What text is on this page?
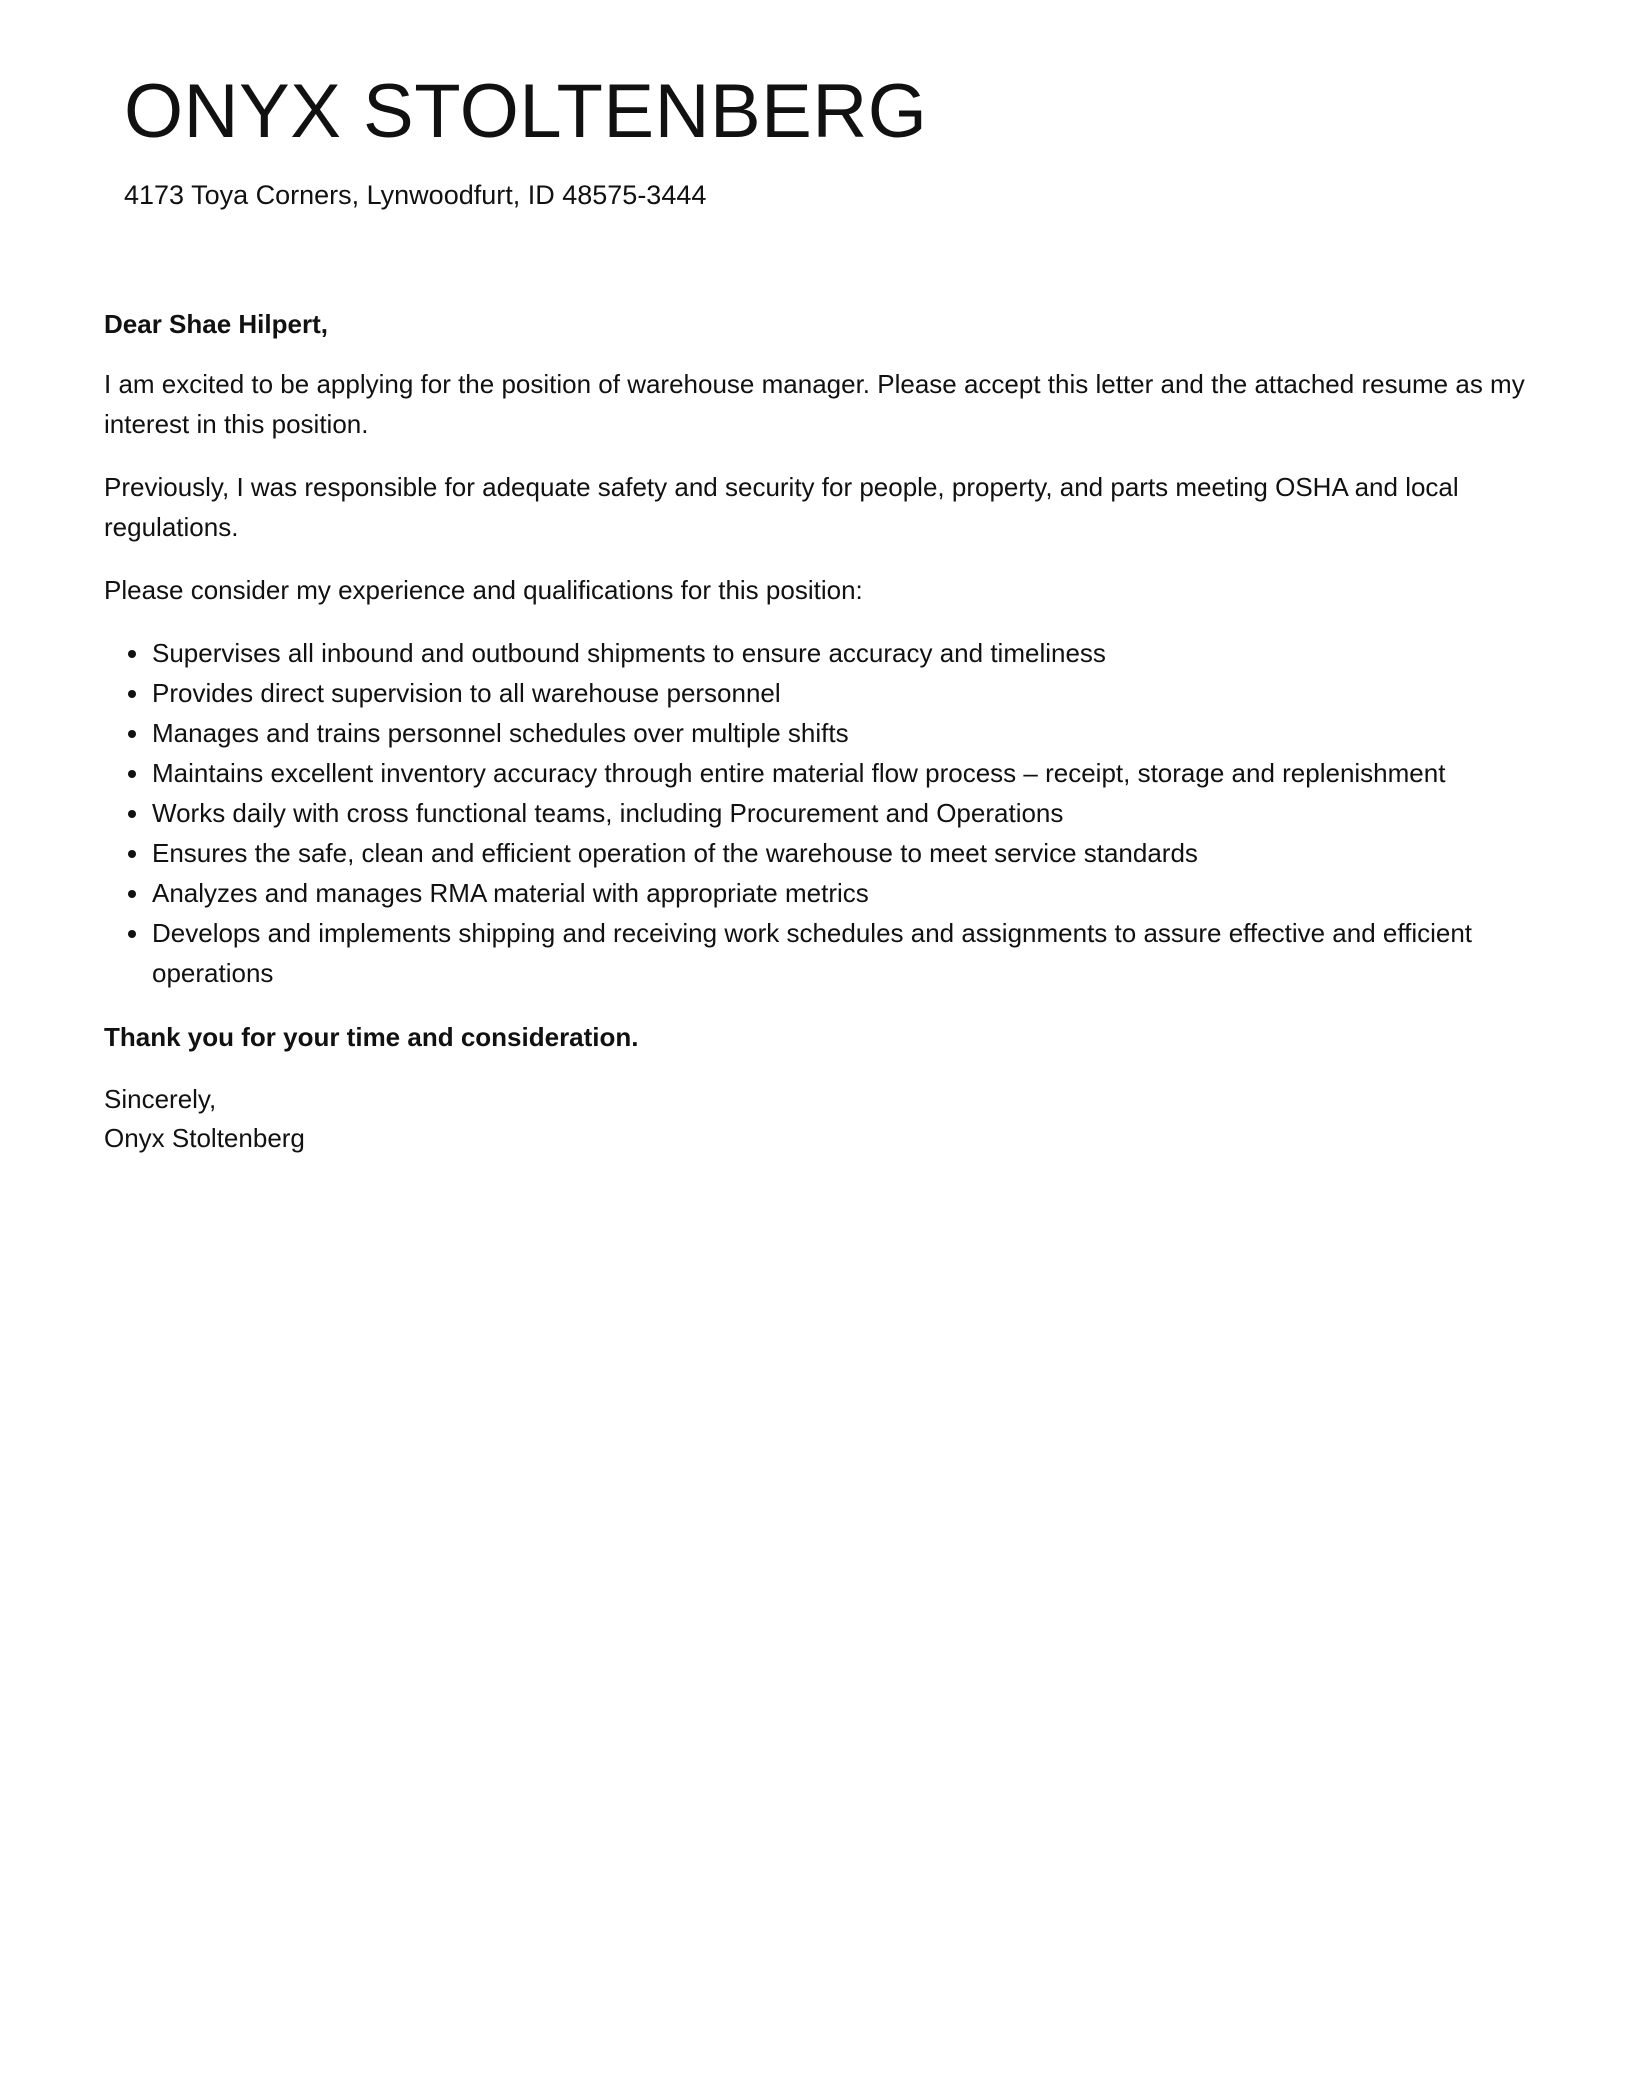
ONYX STOLTENBERG

4173 Toya Corners, Lynwoodfurt, ID 48575-3444

Dear Shae Hilpert,

I am excited to be applying for the position of warehouse manager. Please accept this letter and the attached resume as my interest in this position.

Previously, I was responsible for adequate safety and security for people, property, and parts meeting OSHA and local regulations.

Please consider my experience and qualifications for this position:

Supervises all inbound and outbound shipments to ensure accuracy and timeliness
Provides direct supervision to all warehouse personnel
Manages and trains personnel schedules over multiple shifts
Maintains excellent inventory accuracy through entire material flow process – receipt, storage and replenishment
Works daily with cross functional teams, including Procurement and Operations
Ensures the safe, clean and efficient operation of the warehouse to meet service standards
Analyzes and manages RMA material with appropriate metrics
Develops and implements shipping and receiving work schedules and assignments to assure effective and efficient operations

Thank you for your time and consideration.

Sincerely,

Onyx Stoltenberg
